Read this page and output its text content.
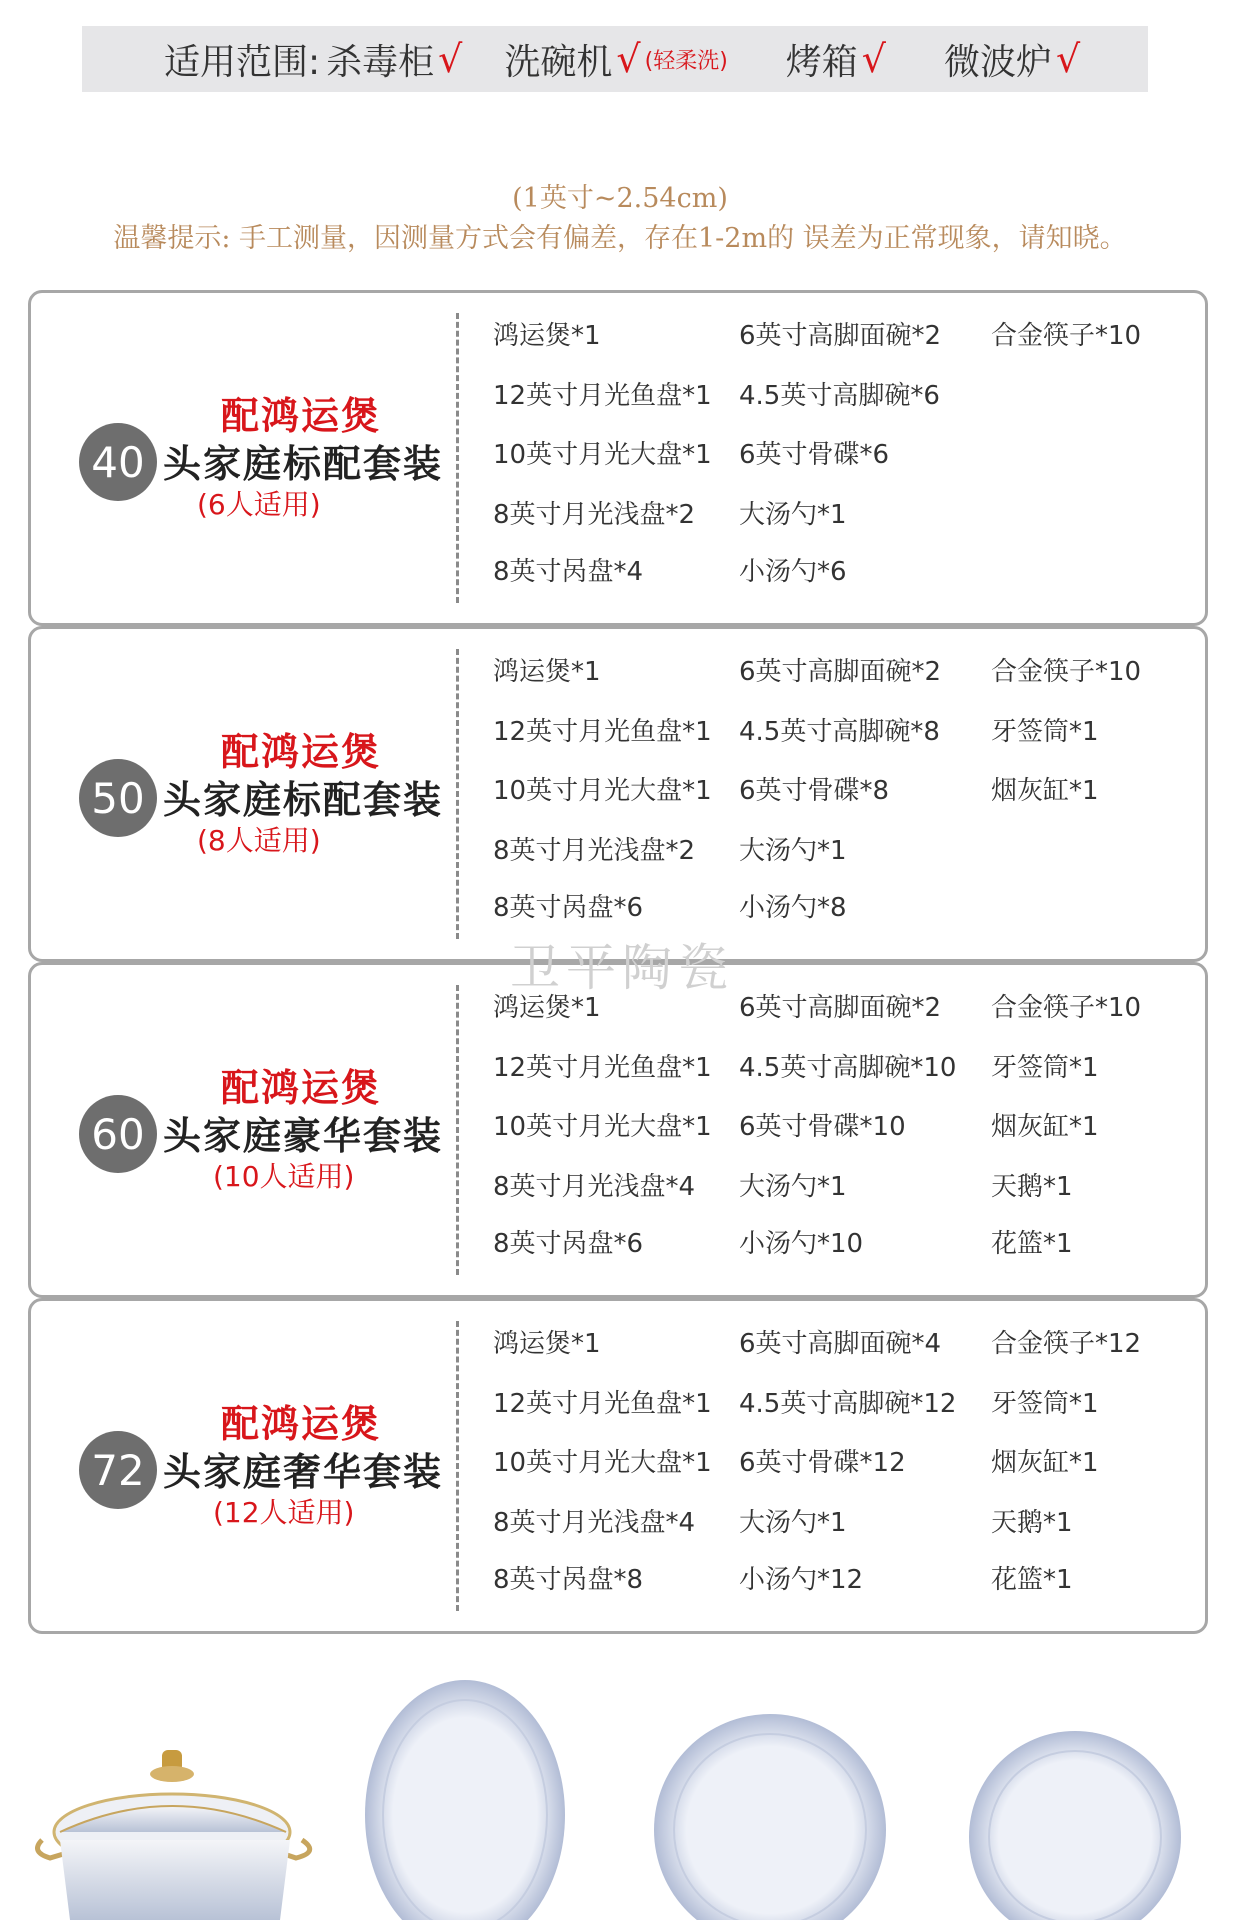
适用范围: 杀毒柜 √ 洗碗机 √ (轻柔洗) 烤箱 √ 微波炉 √
(1英寸~2.54cm)
温馨提示: 手工测量，因测量方式会有偏差，存在1-2m的 误差为正常现象，请知晓。
40
配鸿运煲
头家庭标配套装
(6人适用)
鸿运煲*1
12英寸月光鱼盘*1
10英寸月光大盘*1
8英寸月光浅盘*2
8英寸呙盘*4
6英寸高脚面碗*2
4.5英寸高脚碗*6
6英寸骨碟*6
大汤勺*1
小汤勺*6
合金筷子*10
50
配鸿运煲
头家庭标配套装
(8人适用)
鸿运煲*1
12英寸月光鱼盘*1
10英寸月光大盘*1
8英寸月光浅盘*2
8英寸呙盘*6
6英寸高脚面碗*2
4.5英寸高脚碗*8
6英寸骨碟*8
大汤勺*1
小汤勺*8
合金筷子*10
牙签筒*1
烟灰缸*1
60
配鸿运煲
头家庭豪华套装
(10人适用)
鸿运煲*1
12英寸月光鱼盘*1
10英寸月光大盘*1
8英寸月光浅盘*4
8英寸呙盘*6
6英寸高脚面碗*2
4.5英寸高脚碗*10
6英寸骨碟*10
大汤勺*1
小汤勺*10
合金筷子*10
牙签筒*1
烟灰缸*1
天鹅*1
花篮*1
72
配鸿运煲
头家庭奢华套装
(12人适用)
鸿运煲*1
12英寸月光鱼盘*1
10英寸月光大盘*1
8英寸月光浅盘*4
8英寸呙盘*8
6英寸高脚面碗*4
4.5英寸高脚碗*12
6英寸骨碟*12
大汤勺*1
小汤勺*12
合金筷子*12
牙签筒*1
烟灰缸*1
天鹅*1
花篮*1
卫平陶瓷
